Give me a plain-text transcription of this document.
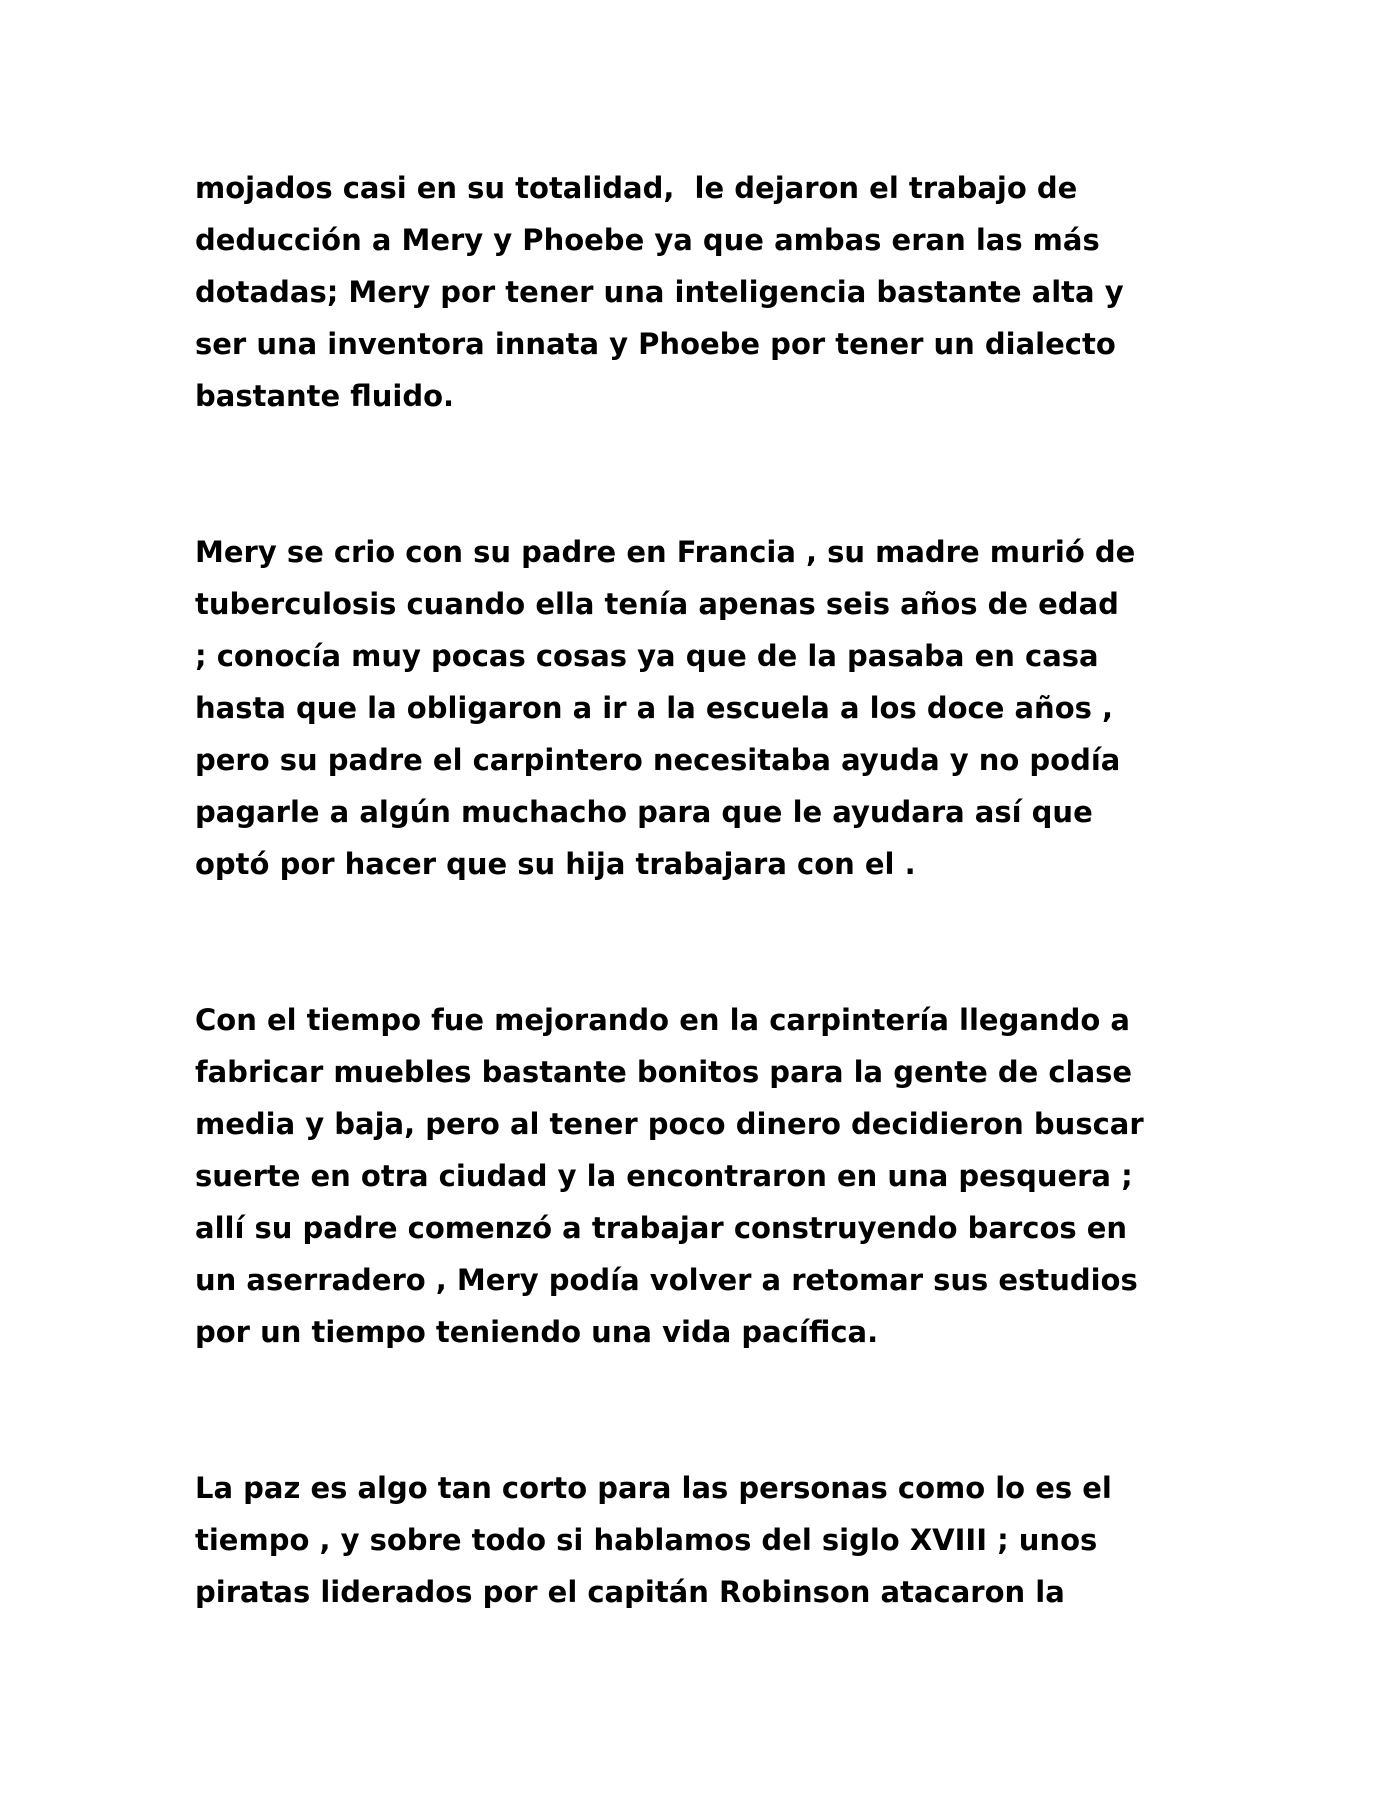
mojados casi en su totalidad,  le dejaron el trabajo de
deducción a Mery y Phoebe ya que ambas eran las más
dotadas; Mery por tener una inteligencia bastante alta y
ser una inventora innata y Phoebe por tener un dialecto
bastante fluido.

Mery se crio con su padre en Francia , su madre murió de
tuberculosis cuando ella tenía apenas seis años de edad
; conocía muy pocas cosas ya que de la pasaba en casa
hasta que la obligaron a ir a la escuela a los doce años ,
pero su padre el carpintero necesitaba ayuda y no podía
pagarle a algún muchacho para que le ayudara así que
optó por hacer que su hija trabajara con el .

Con el tiempo fue mejorando en la carpintería llegando a
fabricar muebles bastante bonitos para la gente de clase
media y baja, pero al tener poco dinero decidieron buscar
suerte en otra ciudad y la encontraron en una pesquera ;
allí su padre comenzó a trabajar construyendo barcos en
un aserradero , Mery podía volver a retomar sus estudios
por un tiempo teniendo una vida pacífica.

La paz es algo tan corto para las personas como lo es el
tiempo , y sobre todo si hablamos del siglo XVIII ; unos
piratas liderados por el capitán Robinson atacaron la
